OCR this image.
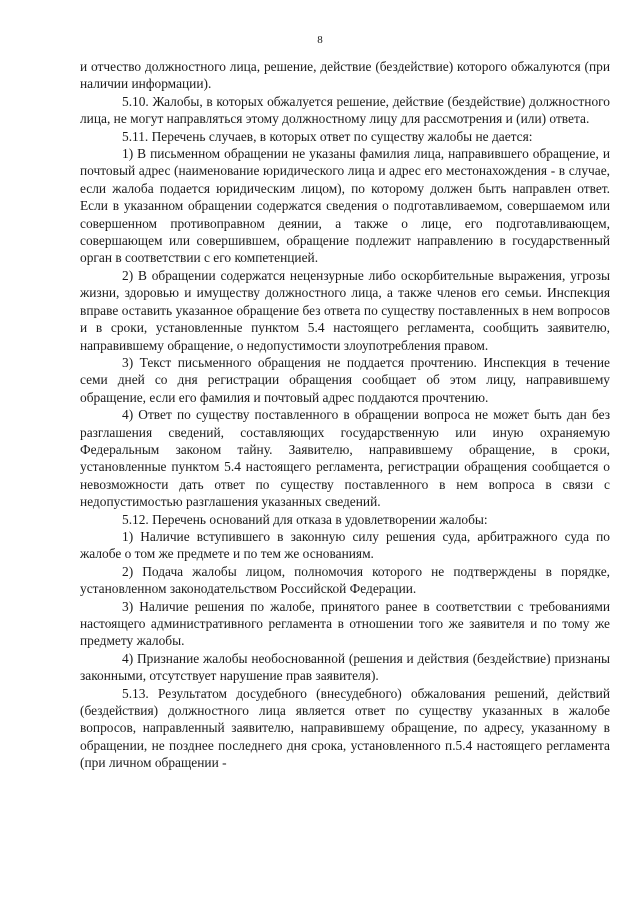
8

и отчество должностного лица, решение, действие (бездействие) которого обжалуются (при наличии информации).

5.10. Жалобы, в которых обжалуется решение, действие (бездействие) должностного лица, не могут направляться этому должностному лицу для рассмотрения и (или) ответа.

5.11. Перечень случаев, в которых ответ по существу жалобы не дается:

1) В письменном обращении не указаны фамилия лица, направившего обращение, и почтовый адрес (наименование юридического лица и адрес его местонахождения - в случае, если жалоба подается юридическим лицом), по которому должен быть направлен ответ. Если в указанном обращении содержатся сведения о подготавливаемом, совершаемом или совершенном противоправном деянии, а также о лице, его подготавливающем, совершающем или совершившем, обращение подлежит направлению в государственный орган в соответствии с его компетенцией.

2) В обращении содержатся нецензурные либо оскорбительные выражения, угрозы жизни, здоровью и имуществу должностного лица, а также членов его семьи. Инспекция вправе оставить указанное обращение без ответа по существу поставленных в нем вопросов и в сроки, установленные пунктом 5.4 настоящего регламента, сообщить заявителю, направившему обращение, о недопустимости злоупотребления правом.

3) Текст письменного обращения не поддается прочтению. Инспекция в течение семи дней со дня регистрации обращения сообщает об этом лицу, направившему обращение, если его фамилия и почтовый адрес поддаются прочтению.

4) Ответ по существу поставленного в обращении вопроса не может быть дан без разглашения сведений, составляющих государственную или иную охраняемую Федеральным законом тайну. Заявителю, направившему обращение, в сроки, установленные пунктом 5.4 настоящего регламента, регистрации обращения сообщается о невозможности дать ответ по существу поставленного в нем вопроса в связи с недопустимостью разглашения указанных сведений.

5.12. Перечень оснований для отказа в удовлетворении жалобы:

1) Наличие вступившего в законную силу решения суда, арбитражного суда по жалобе о том же предмете и по тем же основаниям.

2) Подача жалобы лицом, полномочия которого не подтверждены в порядке, установленном законодательством Российской Федерации.

3) Наличие решения по жалобе, принятого ранее в соответствии с требованиями настоящего административного регламента в отношении того же заявителя и по тому же предмету жалобы.

4) Признание жалобы необоснованной (решения и действия (бездействие) признаны законными, отсутствует нарушение прав заявителя).

5.13. Результатом досудебного (внесудебного) обжалования решений, действий (бездействия) должностного лица является ответ по существу указанных в жалобе вопросов, направленный заявителю, направившему обращение, по адресу, указанному в обращении, не позднее последнего дня срока, установленного п.5.4 настоящего регламента (при личном обращении -
